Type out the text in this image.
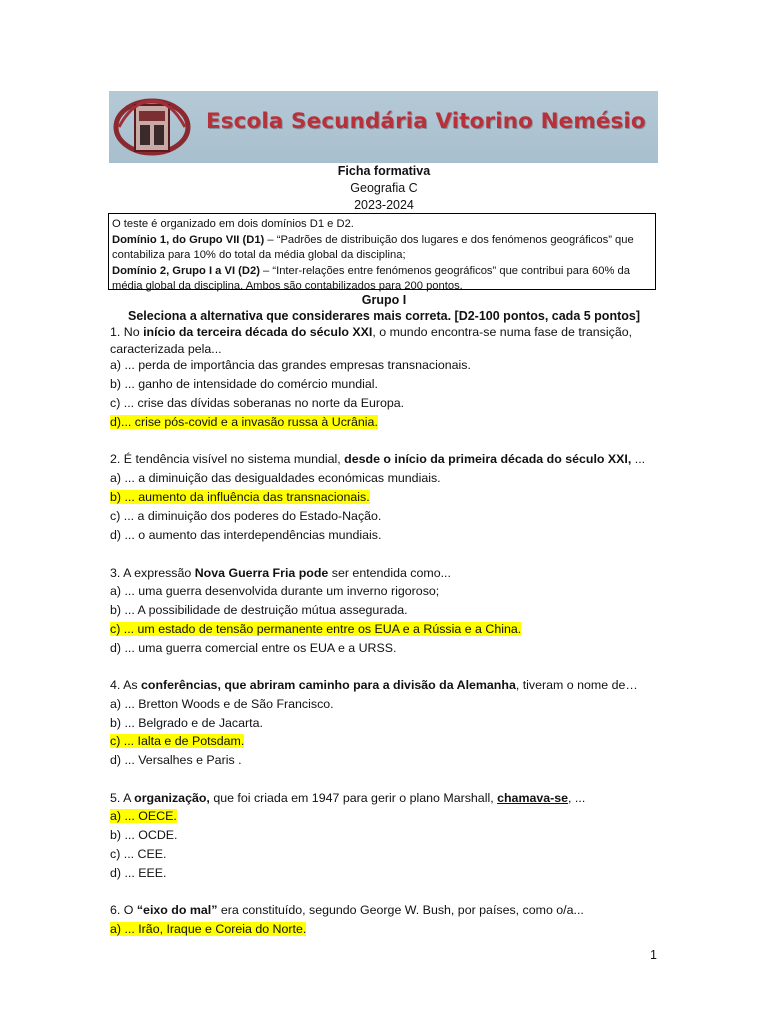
Escola Secundária Vitorino Nemésio
Ficha formativa
Geografia C
2023-2024

O teste é organizado em dois domínios D1 e D2.

Domínio 1, do Grupo VII (D1) – “Padrões de distribuição dos lugares e dos fenómenos geográficos” que

contabiliza para 10% do total da média global da disciplina;

Domínio 2, Grupo I a VI (D2) – “Inter-relações entre fenómenos geográficos” que contribui para 60% da

média global da disciplina. Ambos são contabilizados para 200 pontos.

Grupo I
Seleciona a alternativa que considerares mais correta. [D2-100 pontos, cada 5 pontos]
1. No início da terceira década do século XXI, o mundo encontra-se numa fase de transição,
caracterizada pela...
a) ... perda de importância das grandes empresas transnacionais.
b) ... ganho de intensidade do comércio mundial.
c) ... crise das dívidas soberanas no norte da Europa.
d)... crise pós-covid e a invasão russa à Ucrânia.
2. É tendência visível no sistema mundial, desde o início da primeira década do século XXI, ...
a) ... a diminuição das desigualdades económicas mundiais.
b) ... aumento da influência das transnacionais.
c) ... a diminuição dos poderes do Estado-Nação.
d) ... o aumento das interdependências mundiais.
3. A expressão Nova Guerra Fria pode ser entendida como...
a) ... uma guerra desenvolvida durante um inverno rigoroso;
b) ... A possibilidade de destruição mútua assegurada.
c) ... um estado de tensão permanente entre os EUA e a Rússia e a China.
d) ... uma guerra comercial entre os EUA e a URSS.
4. As conferências, que abriram caminho para a divisão da Alemanha, tiveram o nome de…
a) ... Bretton Woods e de São Francisco.
b) ... Belgrado e de Jacarta.
c) ... Ialta e de Potsdam.
d) ... Versalhes e Paris .
5. A organização, que foi criada em 1947 para gerir o plano Marshall, chamava-se, ...
a) ... OECE.
b) ... OCDE.
c) ... CEE.
d) ... EEE.
6. O “eixo do mal” era constituído, segundo George W. Bush, por países, como o/a...
a) ... Irão, Iraque e Coreia do Norte.
1
